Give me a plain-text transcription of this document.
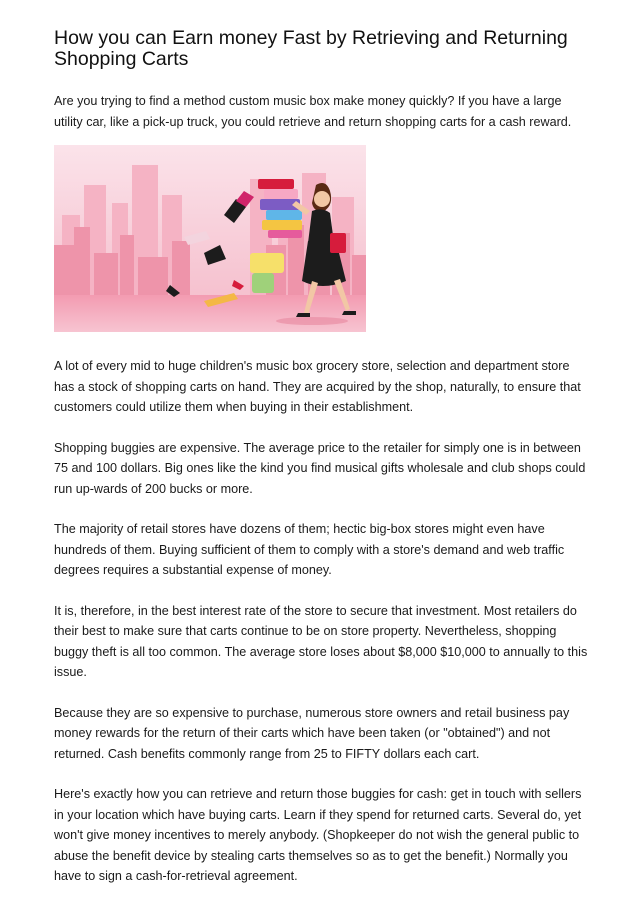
How you can Earn money Fast by Retrieving and Returning Shopping Carts

Are you trying to find a method custom music box make money quickly? If you have a large utility car, like a pick-up truck, you could retrieve and return shopping carts for a cash reward.

A lot of every mid to huge children's music box grocery store, selection and department store has a stock of shopping carts on hand. They are acquired by the shop, naturally, to ensure that customers could utilize them when buying in their establishment.

Shopping buggies are expensive. The average price to the retailer for simply one is in between 75 and 100 dollars. Big ones like the kind you find musical gifts wholesale and club shops could run up-wards of 200 bucks or more.

The majority of retail stores have dozens of them; hectic big-box stores might even have hundreds of them. Buying sufficient of them to comply with a store's demand and web traffic degrees requires a substantial expense of money.

It is, therefore, in the best interest rate of the store to secure that investment. Most retailers do their best to make sure that carts continue to be on store property. Nevertheless, shopping buggy theft is all too common. The average store loses about $8,000 $10,000 to annually to this issue.

Because they are so expensive to purchase, numerous store owners and retail business pay money rewards for the return of their carts which have been taken (or "obtained") and not returned. Cash benefits commonly range from 25 to FIFTY dollars each cart.

Here's exactly how you can retrieve and return those buggies for cash: get in touch with sellers in your location which have buying carts. Learn if they spend for returned carts. Several do, yet won't give money incentives to merely anybody. (Shopkeeper do not wish the general public to abuse the benefit device by stealing carts themselves so as to get the benefit.) Normally you have to sign a cash-for-retrieval agreement.
